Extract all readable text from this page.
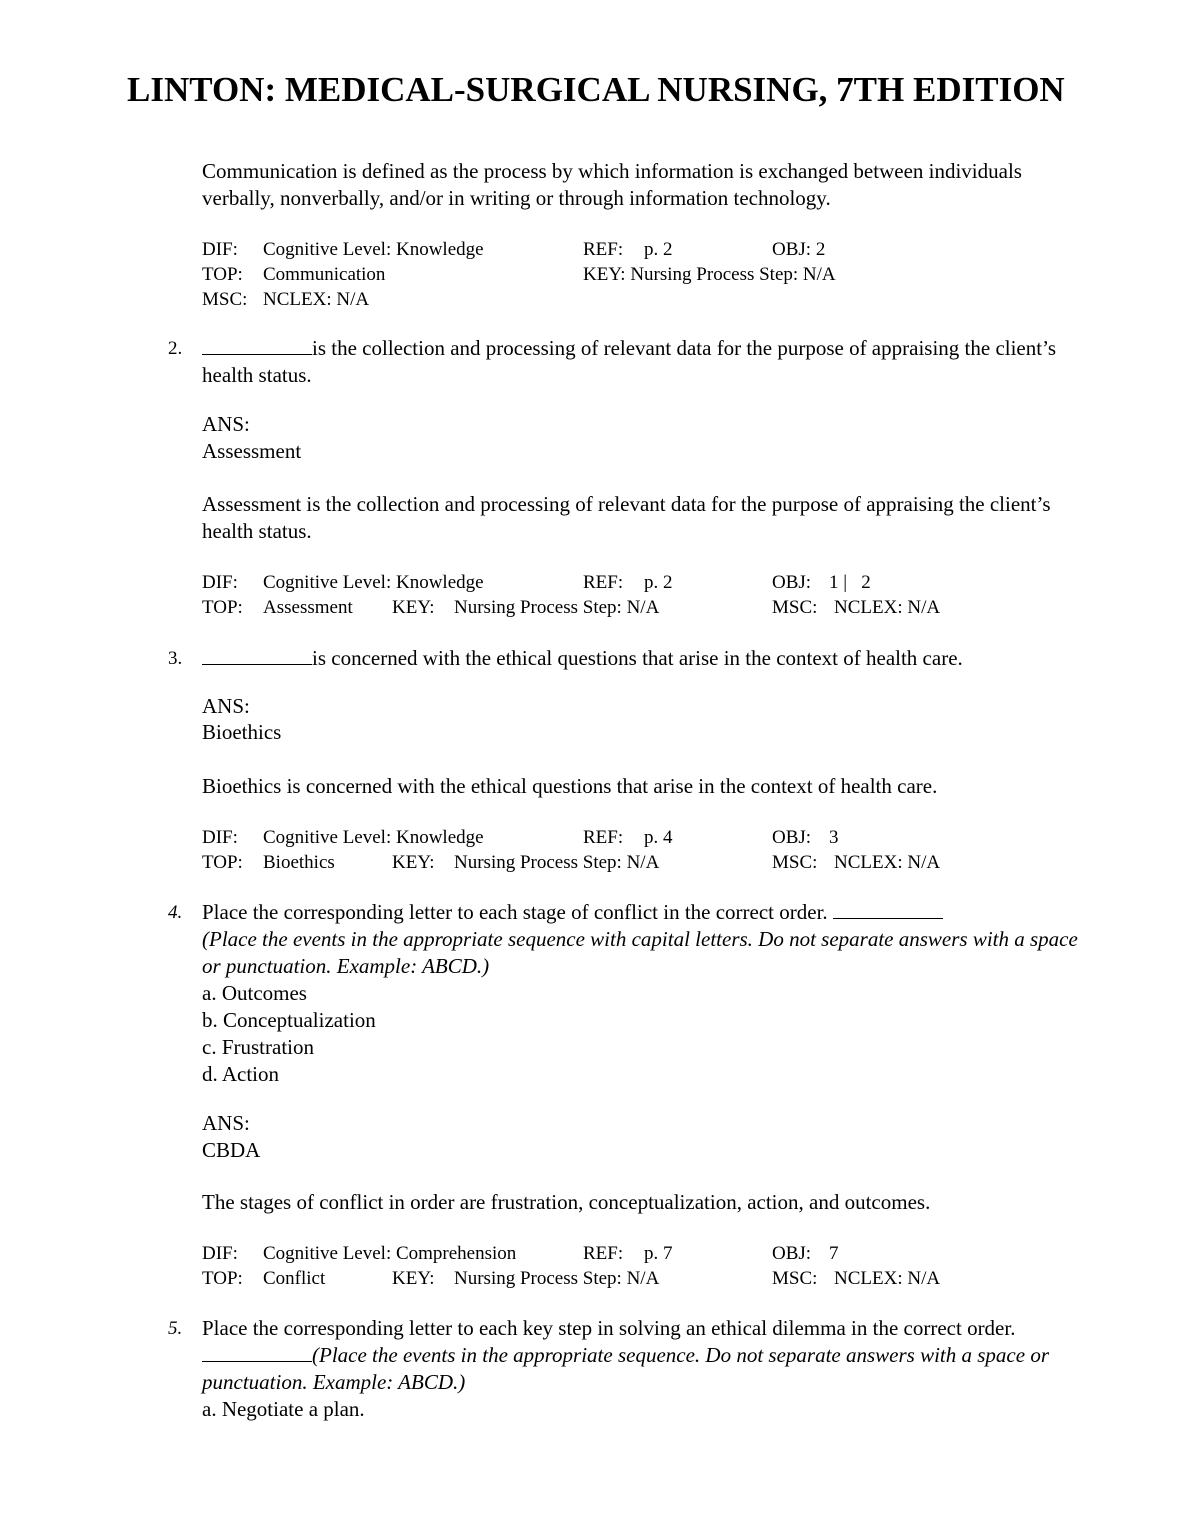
LINTON: MEDICAL-SURGICAL NURSING, 7TH EDITION

Communication is defined as the process by which information is exchanged between individuals verbally, nonverbally, and/or in writing or through information technology.

DIF: Cognitive Level: Knowledge	REF: p. 2	OBJ: 2
TOP: Communication	KEY: Nursing Process Step: N/A
MSC: NCLEX: N/A
2.	is the collection and processing of relevant data for the purpose of appraising the client’s health status.

ANS:

Assessment

Assessment is the collection and processing of relevant data for the purpose of appraising the client’s health status.

DIF: Cognitive Level: Knowledge	REF: p. 2	OBJ: 1 |   2
TOP: Assessment KEY: Nursing Process Step: N/A	MSC: NCLEX: N/A
3.	is concerned with the ethical questions that arise in the context of health care.

ANS:

Bioethics

Bioethics is concerned with the ethical questions that arise in the context of health care.

DIF: Cognitive Level: Knowledge	REF: p. 4	OBJ: 3
TOP: Bioethics	KEY: Nursing Process Step: N/A	MSC: NCLEX: N/A
4. Place the corresponding letter to each stage of conflict in the correct order.
(Place the events in the appropriate sequence with capital letters. Do not separate answers with a space or punctuation. Example: ABCD.)

a. Outcomes
b. Conceptualization
c. Frustration
d. Action

ANS:

CBDA

The stages of conflict in order are frustration, conceptualization, action, and outcomes.

DIF: Cognitive Level: Comprehension	REF: p. 7	OBJ: 7
TOP: Conflict	KEY: Nursing Process Step: N/A	MSC: NCLEX: N/A
5. Place the corresponding letter to each key step in solving an ethical dilemma in the correct order.(Place the events in the appropriate sequence. Do not separate answers with a space or punctuation. Example: ABCD.)

a. Negotiate a plan.
